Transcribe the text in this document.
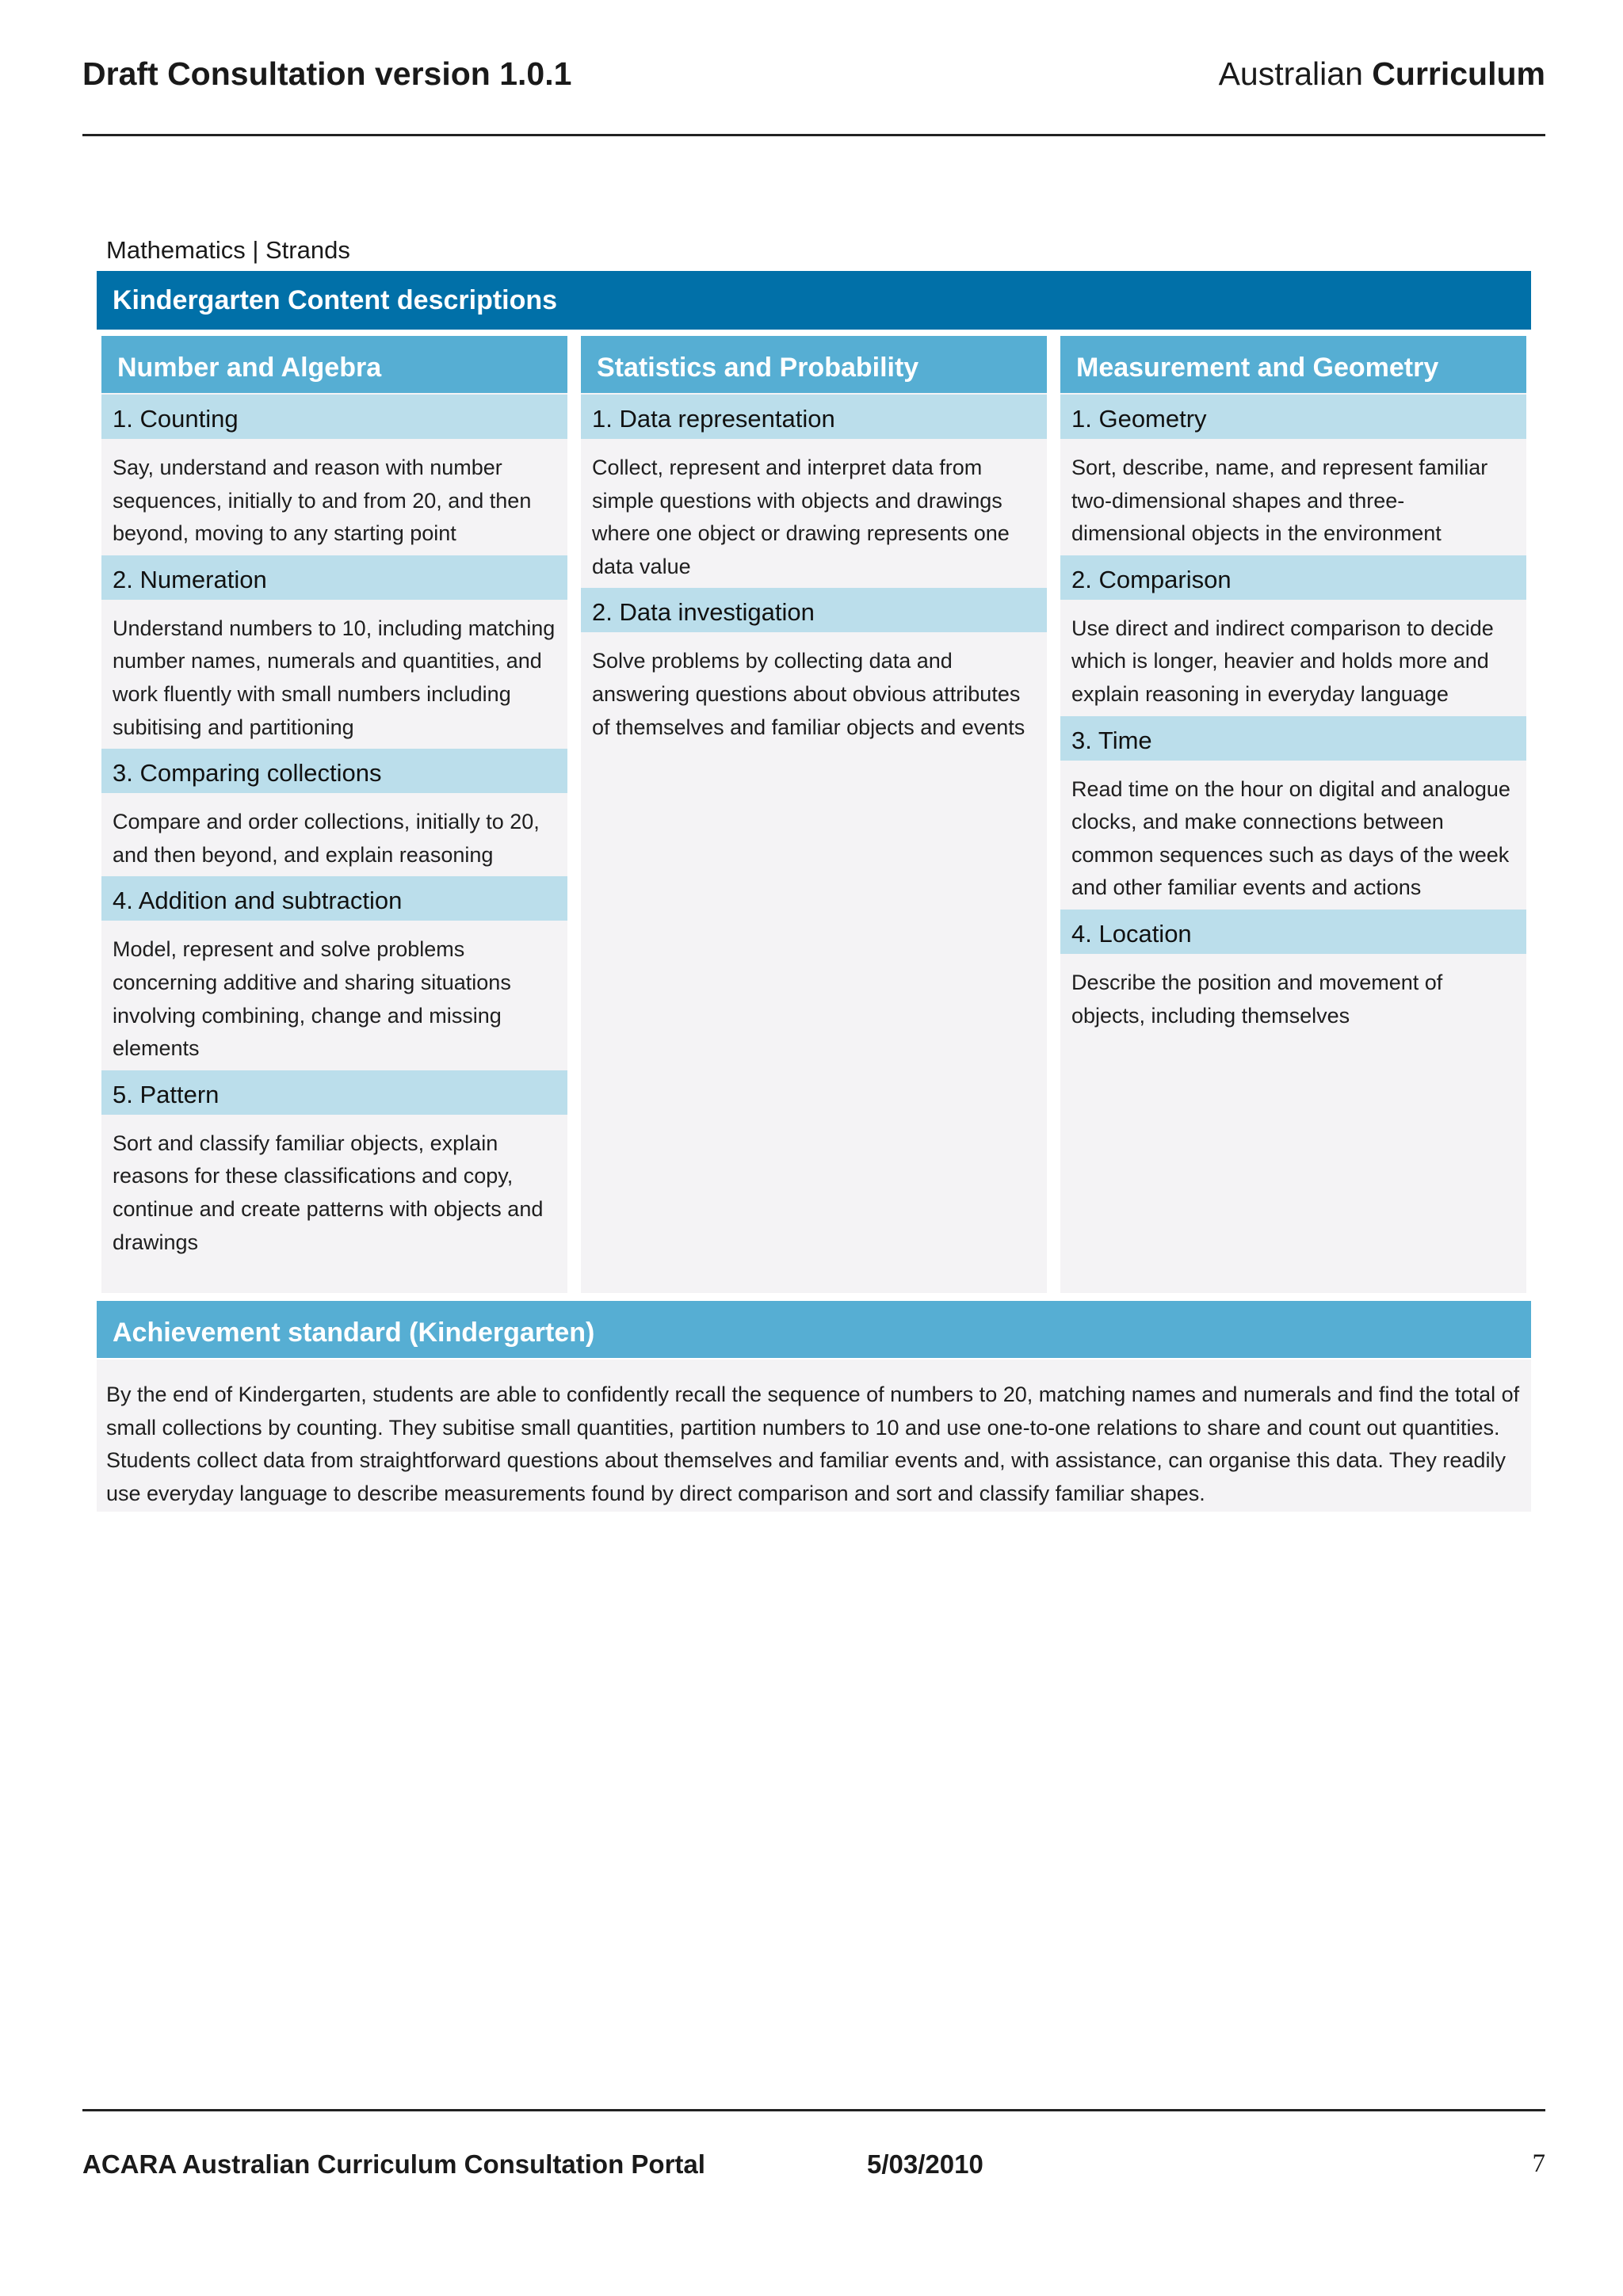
Draft Consultation version 1.0.1	Australian Curriculum
Mathematics | Strands
Kindergarten Content descriptions
Number and Algebra
1. Counting
Say, understand and reason with number sequences, initially to and from 20, and then beyond, moving to any starting point
2. Numeration
Understand numbers to 10, including matching number names, numerals and quantities, and work fluently with small numbers including subitising and partitioning
3. Comparing collections
Compare and order collections, initially to 20, and then beyond, and explain reasoning
4. Addition and subtraction
Model, represent and solve problems concerning additive and sharing situations involving combining, change and missing elements
5. Pattern
Sort and classify familiar objects, explain reasons for these classifications and copy, continue and create patterns with objects and drawings
Statistics and Probability
1. Data representation
Collect, represent and interpret data from simple questions with objects and drawings where one object or drawing represents one data value
2. Data investigation
Solve problems by collecting data and answering questions about obvious attributes of themselves and familiar objects and events
Measurement and Geometry
1. Geometry
Sort, describe, name, and represent familiar two-dimensional shapes and three-dimensional objects in the environment
2. Comparison
Use direct and indirect comparison to decide which is longer, heavier and holds more and explain reasoning in everyday language
3. Time
Read time on the hour on digital and analogue clocks, and make connections between common sequences such as days of the week and other familiar events and actions
4. Location
Describe the position and movement of objects, including themselves
Achievement standard (Kindergarten)
By the end of Kindergarten, students are able to confidently recall the sequence of numbers to 20, matching names and numerals and find the total of small collections by counting. They subitise small quantities, partition numbers to 10 and use one-to-one relations to share and count out quantities. Students collect data from straightforward questions about themselves and familiar events and, with assistance, can organise this data. They readily use everyday language to describe measurements found by direct comparison and sort and classify familiar shapes.
ACARA Australian Curriculum Consultation Portal	5/03/2010	7
